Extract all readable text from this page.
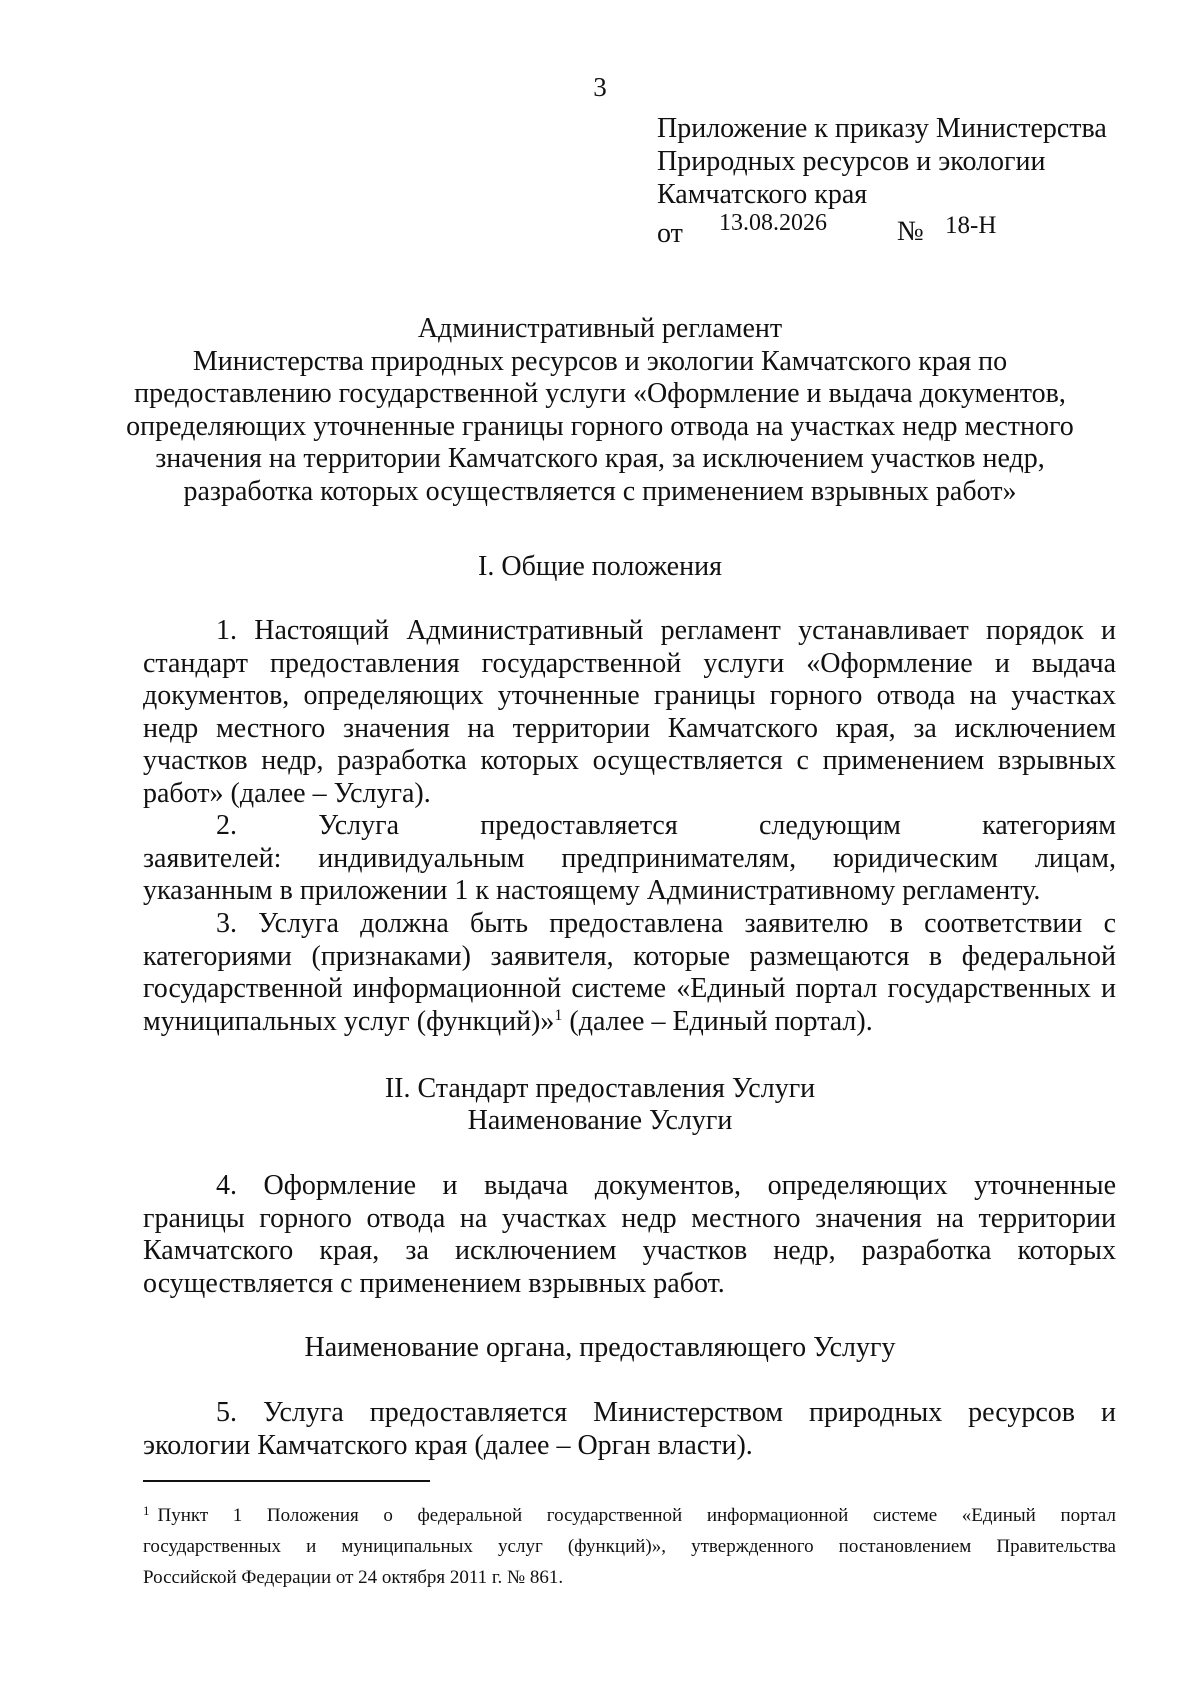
3
Приложение к приказу Министерства
Природных ресурсов и экологии
Камчатского края
от 13.08.2026	№ 18-Н
Административный регламент
Министерства природных ресурсов и экологии Камчатского края по
предоставлению государственной услуги «Оформление и выдача документов,
определяющих уточненные границы горного отвода на участках недр местного
значения на территории Камчатского края, за исключением участков недр,
разработка которых осуществляется с применением взрывных работ»
I. Общие положения
1. Настоящий Административный регламент устанавливает порядок и
стандарт предоставления государственной услуги «Оформление и выдача
документов, определяющих уточненные границы горного отвода на участках
недр местного значения на территории Камчатского края, за исключением
участков недр, разработка которых осуществляется с применением взрывных
работ» (далее – Услуга).
2. Услуга предоставляется следующим категориям
заявителей: индивидуальным предпринимателям, юридическим лицам,
указанным в приложении 1 к настоящему Административному регламенту.
3. Услуга должна быть предоставлена заявителю в соответствии с
категориями (признаками) заявителя, которые размещаются в федеральной
государственной информационной системе «Единый портал государственных и
муниципальных услуг (функций)»$^1$ (далее – Единый портал).
II. Стандарт предоставления Услуги
Наименование Услуги
4. Оформление и выдача документов, определяющих уточненные
границы горного отвода на участках недр местного значения на территории
Камчатского края, за исключением участков недр, разработка которых
осуществляется с применением взрывных работ.
Наименование органа, предоставляющего Услугу
5. Услуга предоставляется Министерством природных ресурсов и
экологии Камчатского края (далее – Орган власти).
$^1$ Пункт 1 Положения о федеральной государственной информационной системе «Единый портал
государственных и муниципальных услуг (функций)», утвержденного постановлением Правительства
Российской Федерации от 24 октября 2011 г. № 861.
